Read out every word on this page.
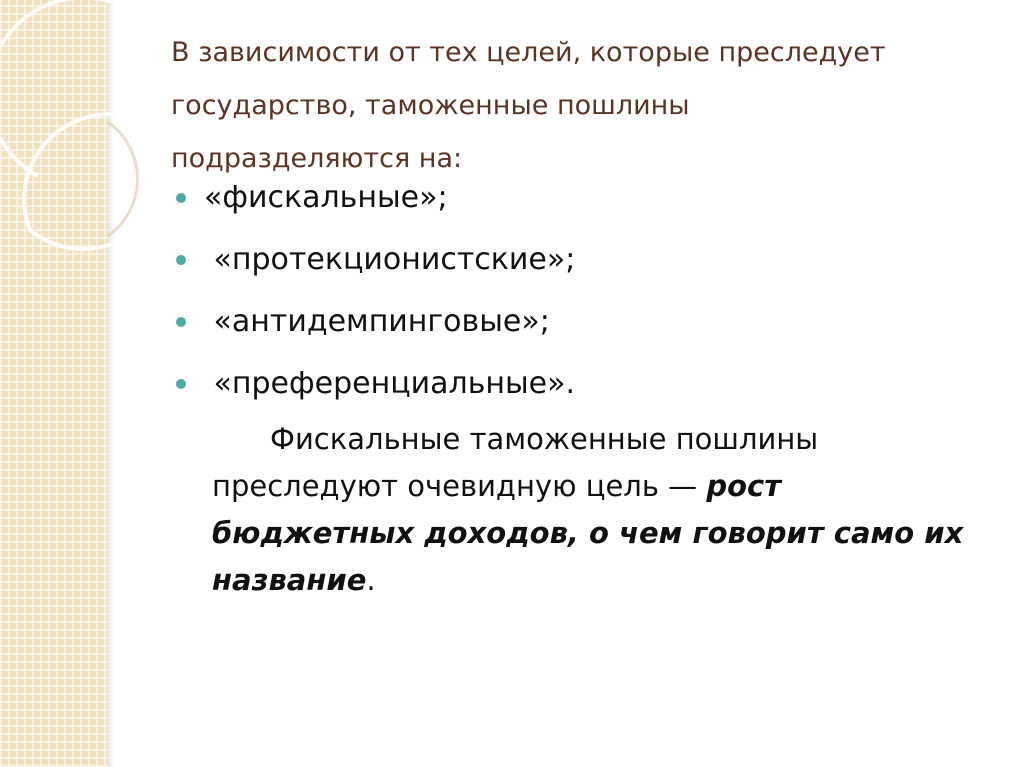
В зависимости от тех целей, которые преследует государство, таможенные пошлины подразделяются на:
«фискальные»;
«протекционистские»;
«антидемпинговые»;
«преференциальные».

Фискальные таможенные пошлины преследуют очевидную цель — рост бюджетных доходов, о чем говорит само их название.
